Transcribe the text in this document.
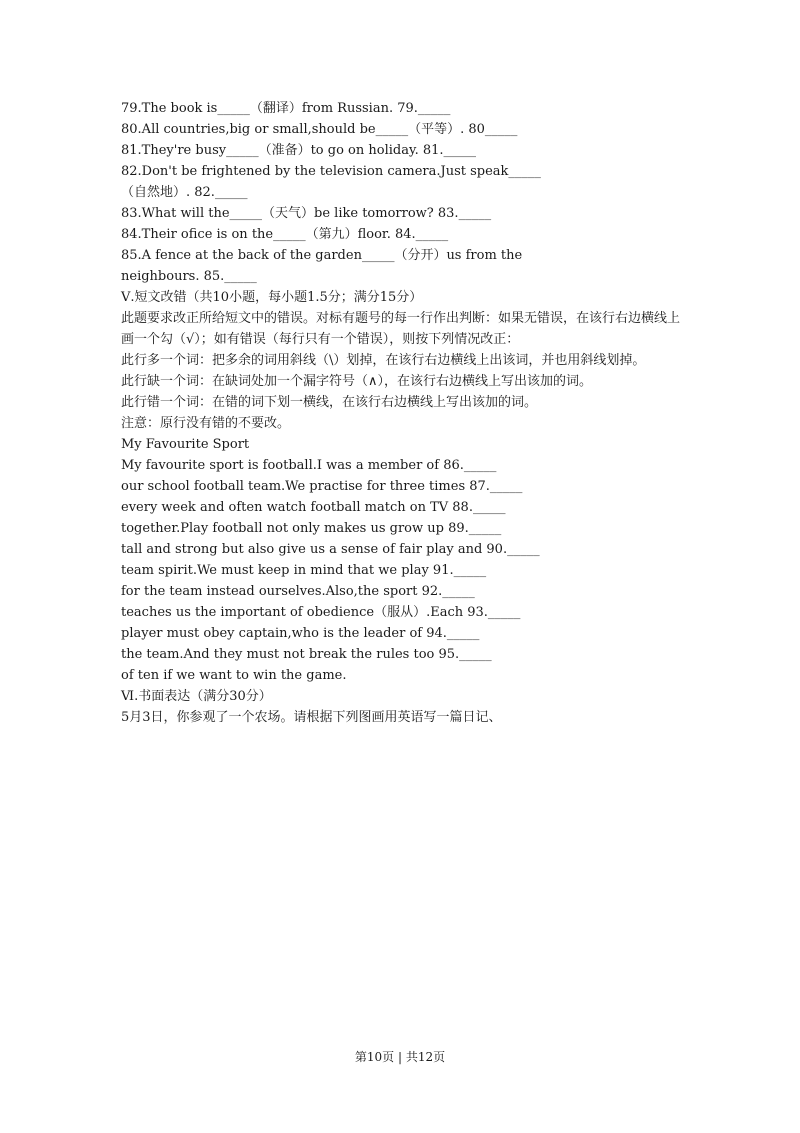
79.The book is_____（翻译）from Russian. 79._____

80.All countries,big or small,should be_____（平等）. 80_____

81.They're busy_____（准备）to go on holiday. 81._____

82.Don't be frightened by the television camera.Just speak_____

（自然地）. 82._____

83.What will the_____（天气）be like tomorrow? 83._____

84.Their ofice is on the_____（第九）floor. 84._____

85.A fence at the back of the garden_____（分开）us from the

neighbours. 85._____

Ⅴ.短文改错（共10小题，每小题1.5分；满分15分）

此题要求改正所给短文中的错误。对标有题号的每一行作出判断：如果无错误，在该行右边横线上画一个勾（√）；如有错误（每行只有一个错误），则按下列情况改正：

此行多一个词：把多余的词用斜线（\）划掉，在该行右边横线上出该词，并也用斜线划掉。

此行缺一个词：在缺词处加一个漏字符号（∧），在该行右边横线上写出该加的词。

此行错一个词：在错的词下划一横线，在该行右边横线上写出该加的词。

注意：原行没有错的不要改。

My Favourite Sport

My favourite sport is football.I was a member of 86._____

our school football team.We practise for three times 87._____

every week and often watch football match on TV 88._____

together.Play football not only makes us grow up 89._____

tall and strong but also give us a sense of fair play and 90._____

team spirit.We must keep in mind that we play 91._____

for the team instead ourselves.Also,the sport 92._____

teaches us the important of obedience（服从）.Each 93._____

player must obey captain,who is the leader of 94._____

the team.And they must not break the rules too 95._____

of ten if we want to win the game.

Ⅵ.书面表达（满分30分）

5月3日，你参观了一个农场。请根据下列图画用英语写一篇日记、

第10页 | 共12页
